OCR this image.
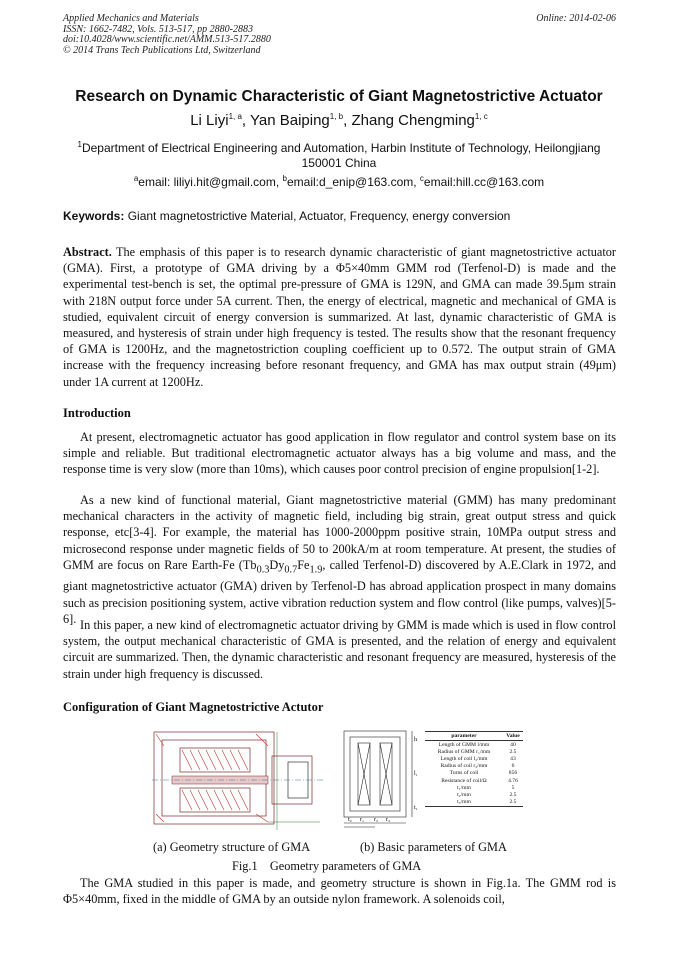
Applied Mechanics and Materials
ISSN: 1662-7482, Vols. 513-517, pp 2880-2883
doi:10.4028/www.scientific.net/AMM.513-517.2880
© 2014 Trans Tech Publications Ltd, Switzerland
Online: 2014-02-06
Research on Dynamic Characteristic of Giant Magnetostrictive Actuator
Li Liyi$^{1, a}$, Yan Baiping$^{1, b}$, Zhang Chengming$^{1, c}$
$^1$Department of Electrical Engineering and Automation, Harbin Institute of Technology, Heilongjiang 150001 China
$^a$email: liliyi.hit@gmail.com, $^b$email:d_enip@163.com, $^c$email:hill.cc@163.com
Keywords: Giant magnetostrictive Material, Actuator, Frequency, energy conversion
Abstract. The emphasis of this paper is to research dynamic characteristic of giant magnetostrictive actuator (GMA). First, a prototype of GMA driving by a Φ5×40mm GMM rod (Terfenol-D) is made and the experimental test-bench is set, the optimal pre-pressure of GMA is 129N, and GMA can made 39.5μm strain with 218N output force under 5A current. Then, the energy of electrical, magnetic and mechanical of GMA is studied, equivalent circuit of energy conversion is summarized. At last, dynamic characteristic of GMA is measured, and hysteresis of strain under high frequency is tested. The results show that the resonant frequency of GMA is 1200Hz, and the magnetostriction coupling coefficient up to 0.572. The output strain of GMA increase with the frequency increasing before resonant frequency, and GMA has max output strain (49μm) under 1A current at 1200Hz.
Introduction
At present, electromagnetic actuator has good application in flow regulator and control system base on its simple and reliable. But traditional electromagnetic actuator always has a big volume and mass, and the response time is very slow (more than 10ms), which causes poor control precision of engine propulsion[1-2].
As a new kind of functional material, Giant magnetostrictive material (GMM) has many predominant mechanical characters in the activity of magnetic field, including big strain, great output stress and quick response, etc[3-4]. For example, the material has 1000-2000ppm positive strain, 10MPa output stress and microsecond response under magnetic fields of 50 to 200kA/m at room temperature. At present, the studies of GMM are focus on Rare Earth-Fe ($Tb_{0.3}Dy_{0.7}Fe_{1.9}$, called Terfenol-D) discovered by A.E.Clark in 1972, and giant magnetostrictive actuator (GMA) driven by Terfenol-D has abroad application prospect in many domains such as precision positioning system, active vibration reduction system and flow control (like pumps, valves)[5-6]. In this paper, a new kind of electromagnetic actuator driving by GMM is made which is used in flow control system, the output mechanical characteristic of GMA is presented, and the relation of energy and equivalent circuit are summarized. Then, the dynamic characteristic and resonant frequency are measured, hysteresis of the strain under high frequency is discussed.
Configuration of Giant Magnetostrictive Actutor
h
l₁
t₁
r₁ r₂ r₃
t₂
parameter	Value
Length of GMM l/mm	40
Radius of GMM r₁/mm	2.5
Length of coil l₂/mm	43
Radius of coil r₂/mm	6
Turns of coil	856
Resistance of coil/Ω	4.76
t₁/mm	5
t₂/mm	2.5
t₃/mm	2.5
(a) Geometry structure of GMA	(b) Basic parameters of GMA
Fig.1    Geometry parameters of GMA
The GMA studied in this paper is made, and geometry structure is shown in Fig.1a. The GMM rod is Φ5×40mm, fixed in the middle of GMA by an outside nylon framework. A solenoids coil,
